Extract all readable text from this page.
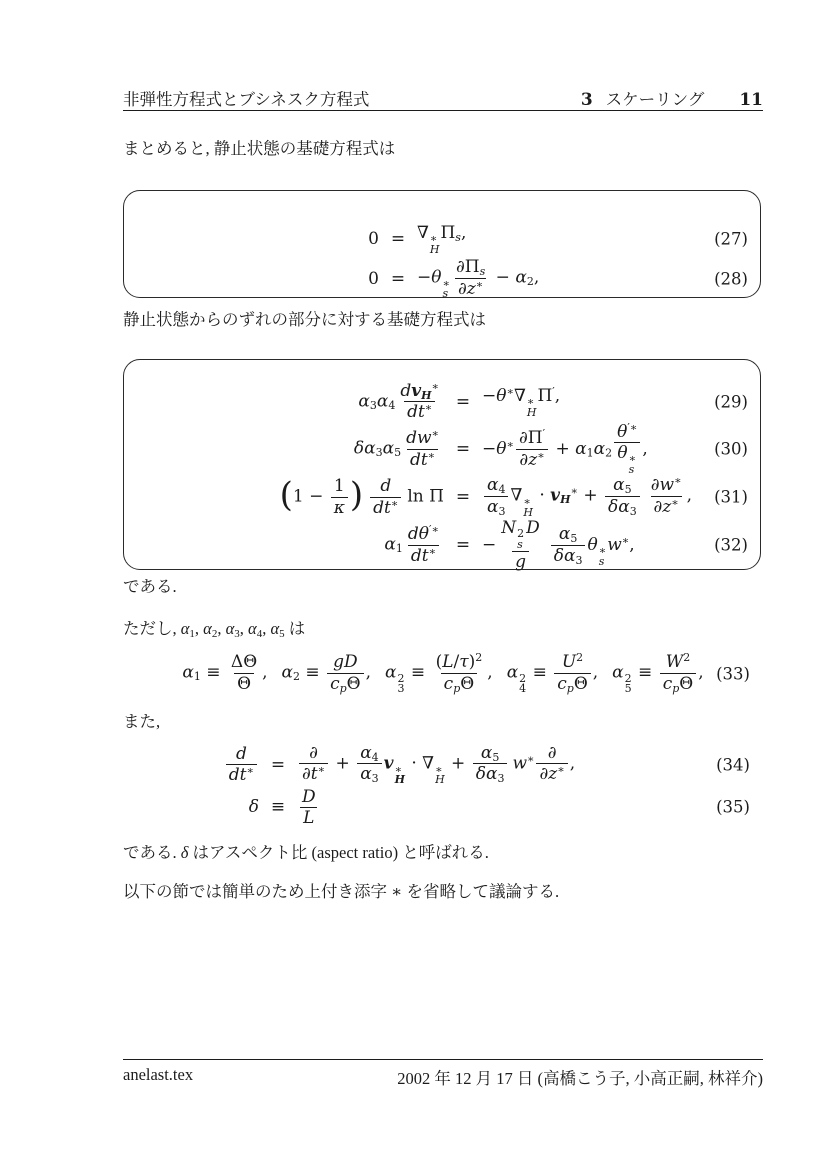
非弾性方程式とブシネスク方程式	3 スケーリング 11

まとめると, 静止状態の基礎方程式は

0 = ∇ ∗
H
Πs,	(27)
0 = −θ ∗
s $\frac{\partial\Pi s}{\partial z^∗} - \alpha 2$,	(28)

静止状態からのずれの部分に対する基礎方程式は

$\alpha 3\alpha 4 \frac{dvH^∗}{dt^∗} = -\theta^∗\nabla$ ∗
H
Π′,	(29)
$\delta\alpha 3\alpha 5 \frac{dw^∗}{dt^∗} = -\theta^∗ \frac{\partial\Pi'}{\partial z^∗} + \alpha 1\alpha 2$ θ′∗
θ ∗
s ,	(30)
($1 - \frac{1}{\kappa}$ ) $\frac{d}{dt^∗}$ $\ln \Pi = \frac{\alpha 4}{\alpha 3}$ ∇ ∗
H
· $vH^∗ + \frac{\alpha 5}{\delta\alpha 3} \frac{\partial w^∗}{\partial z^∗}$ , (31)
$\alpha 1 \frac{d\theta^{'∗}}{dt^∗}$ = − N 2
s
D
g $\frac{\alpha 5}{\delta\alpha 3}$ θ ∗
s
w∗,	(32)

である.

ただし, α1, α2, α3, α4, α5 は

$\alpha 1 \equiv \frac{\Delta\Theta}{\Theta}$ , $\alpha 2 \equiv \frac{gD}{\text{cpΘ}}$ , α 2
3
≡ $\frac{(L/\tau)^2}{\text{cpΘ}}$ , α 2
4
≡ $\frac{U^2}{\text{cpΘ}}$ , α 2
5
≡ $\frac{W^2}{\text{cpΘ}}$ , (33)

また,

$\frac{d}{dt^∗} = \frac{\partial}{\partial t^∗} + \frac{\alpha 4}{\alpha 3}$ v ∗
H
· ∇ ∗
H
+ $\frac{\alpha 5}{\delta\alpha 3} w^∗ \frac{\partial}{\partial z^∗}$ ,	(34)
$\delta \equiv \frac{D}{L}$	(35)

である. δ はアスペクト比 (aspect ratio) と呼ばれる.

以下の節では簡単のため上付き添字 ∗ を省略して議論する.

anelast.tex	2002 年 12 月 17 日 (高橋こう子, 小高正嗣, 林祥介)
